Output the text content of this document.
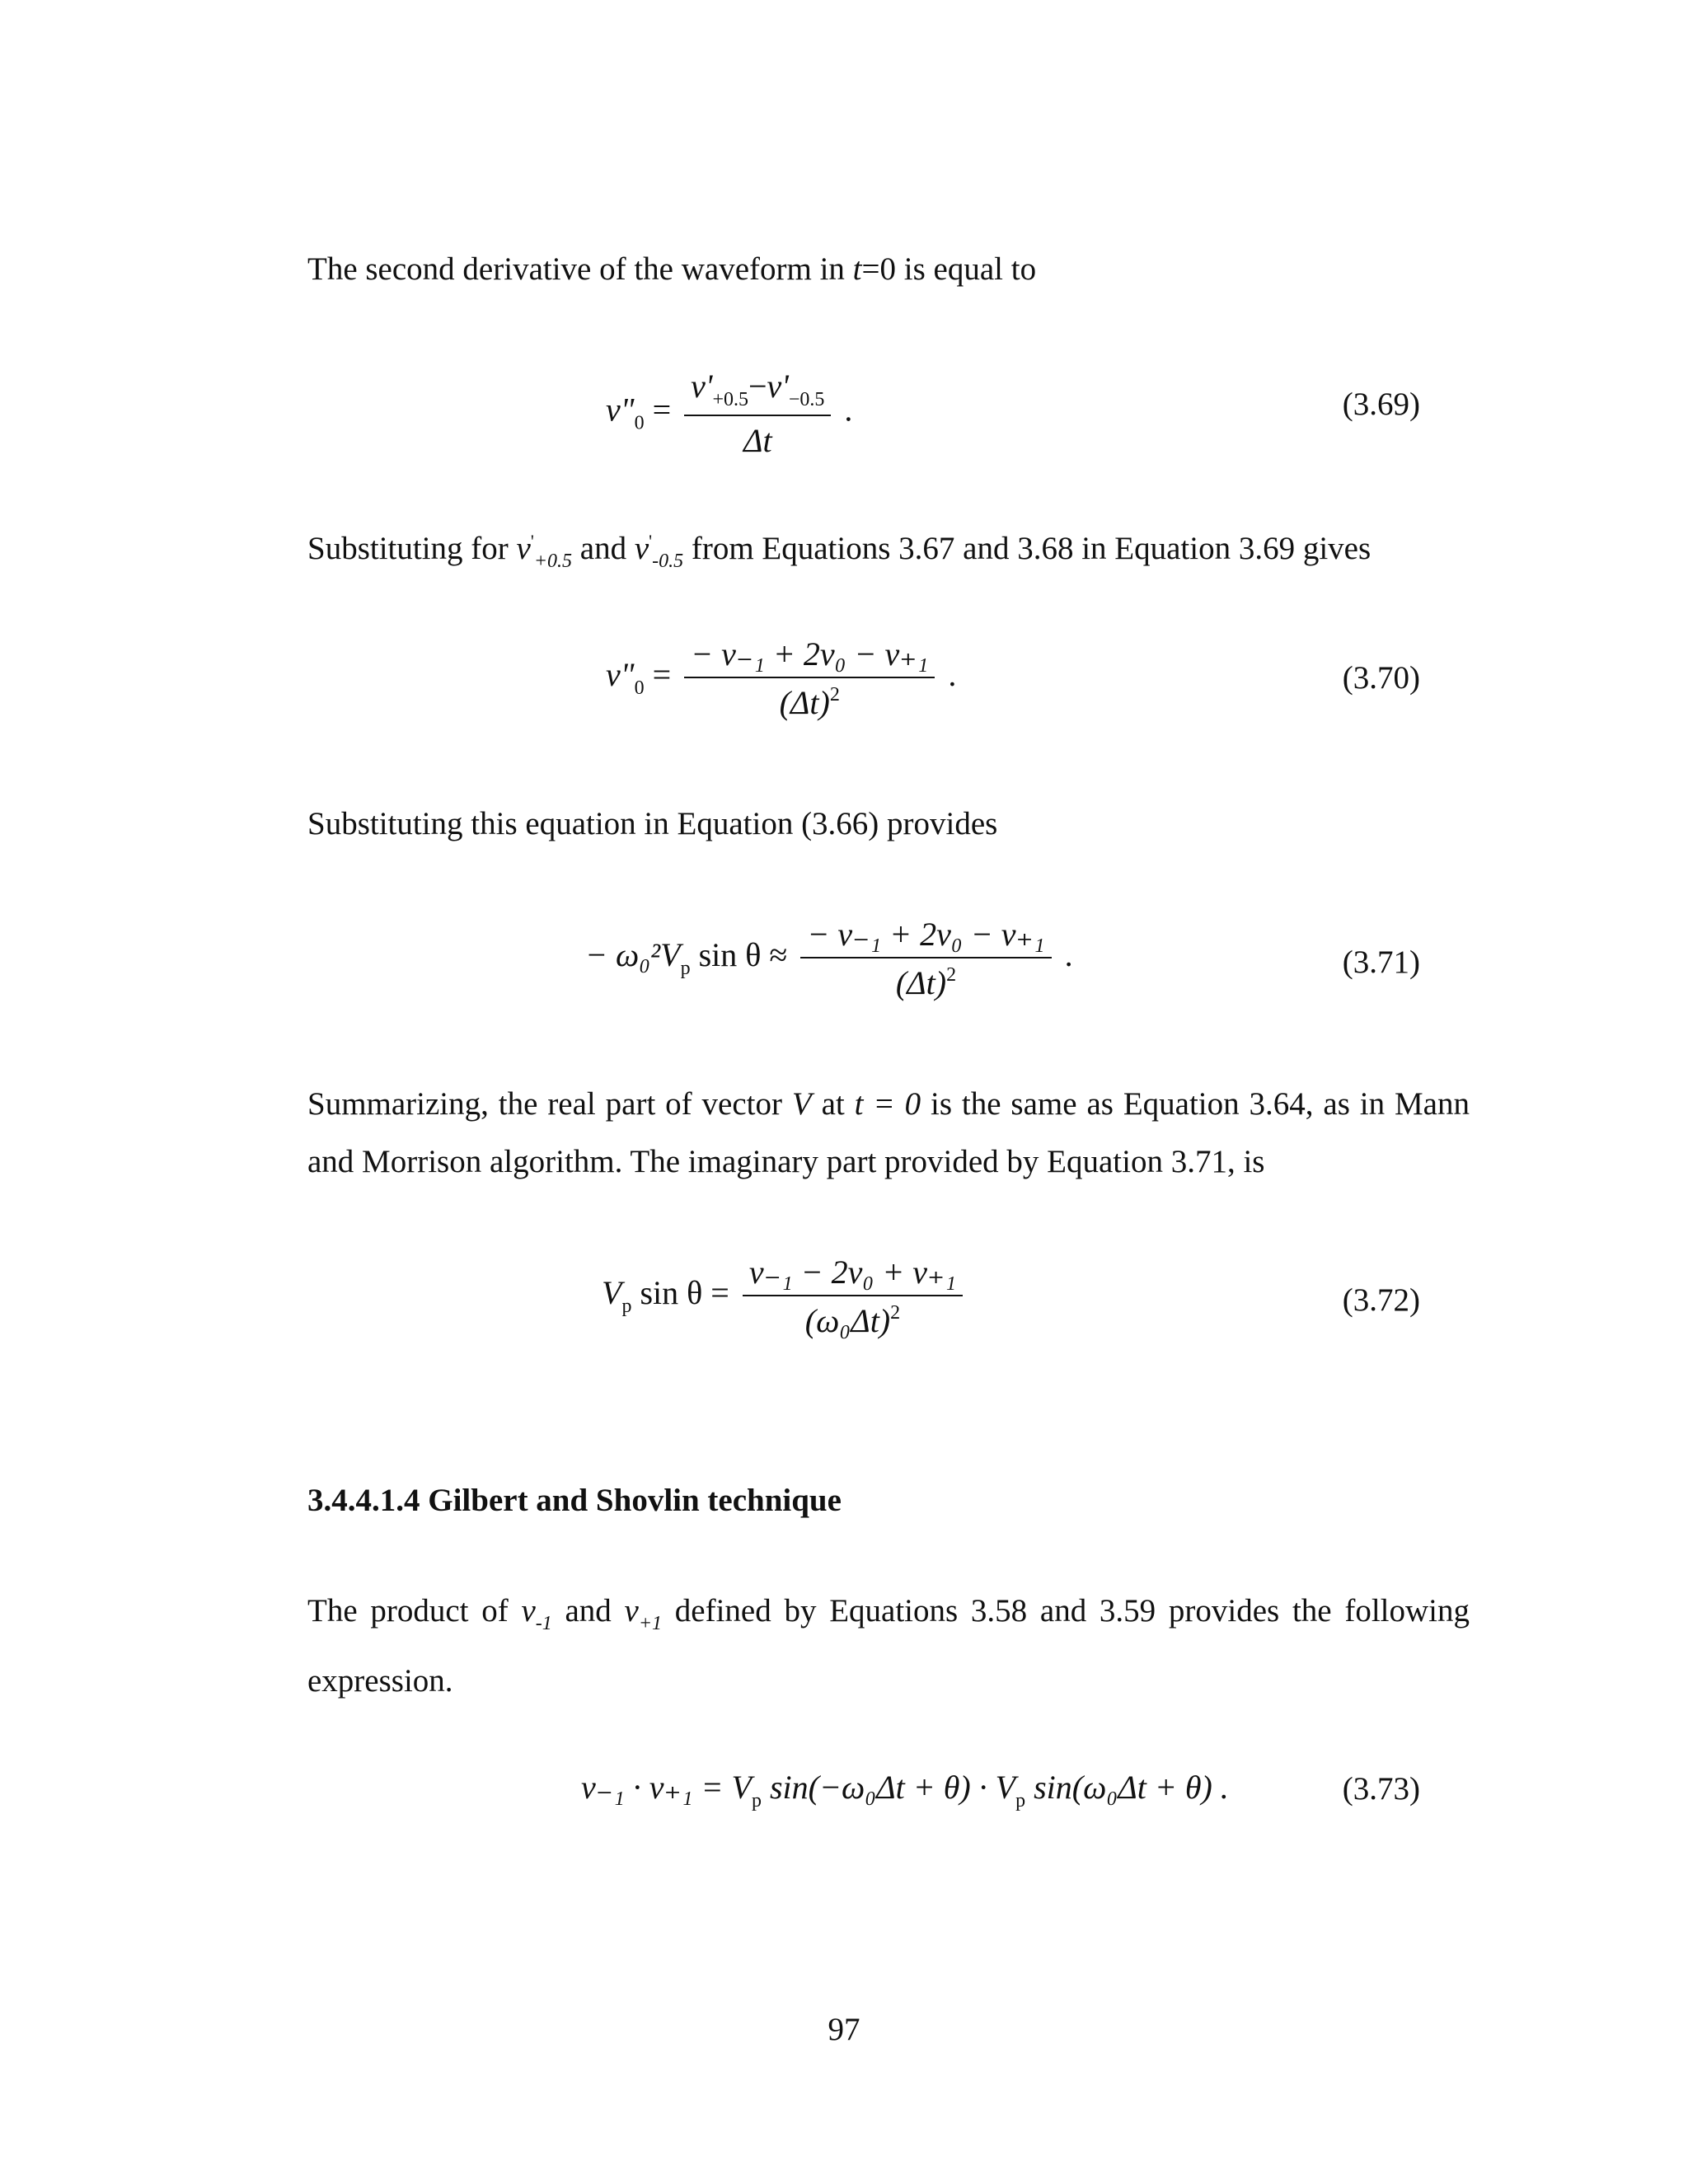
The second derivative of the waveform in t=0 is equal to

$v"_0 = \frac{v'_{+0.5}-v'_{-0.5}}{\Delta t}$ .	(3.69)

Substituting for $v'_{+0.5}$ and $v'_{-0.5}$ from Equations 3.67 and 3.68 in Equation 3.69 gives

$v"_0 = \frac{\text{− v₋₁ + 2v₀ − v₊₁}}{(\Delta t)^2}$ .	(3.70)

Substituting this equation in Equation (3.66) provides

− $\omega_0^2V_p$ $\sin \theta \approx \frac{\text{− v₋₁ + 2v₀ − v₊₁}}{(\Delta t)^2}$ .	(3.71)

Summarizing, the real part of vector V at t = 0 is the same as Equation 3.64, as in Mann and Morrison algorithm. The imaginary part provided by Equation 3.71, is

$V_p$ $\sin \theta = \frac{\text{v₋₁ − 2v₀ + v₊₁}}{(\omega_0\Delta t)^2}$	(3.72)
3.4.4.1.4 Gilbert and Shovlin technique

The product of $v_{-1}$ and $v_{+1}$ defined by Equations 3.58 and 3.59 provides the following expression.

$v_{-1} \cdot v_{+1} = V_p$ $\sin(-\omega_0\Delta t + \theta) \cdot V_p$ sin(ω₀Δt + θ) .	(3.73)
97
